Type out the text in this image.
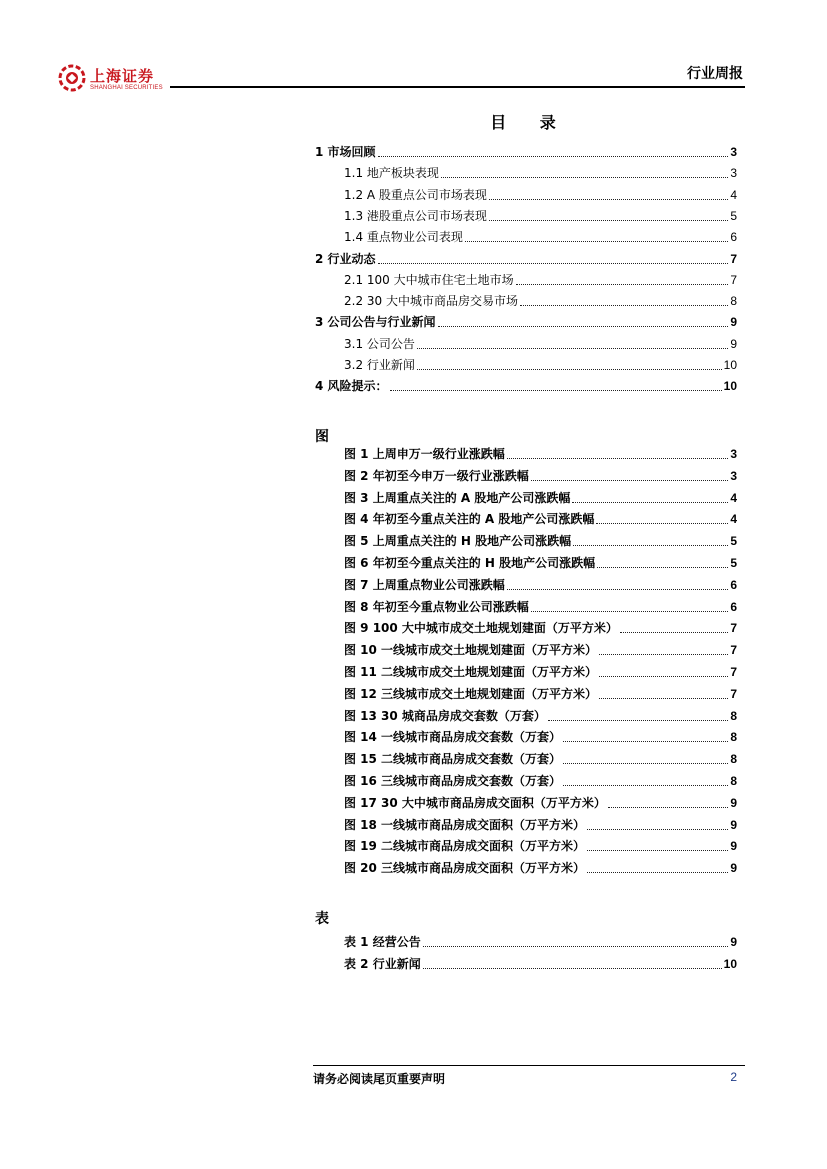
上海证券
SHANGHAI SECURITIES
行业周报
目 录
1 市场回顾	3
1.1 地产板块表现	3
1.2 A 股重点公司市场表现	4
1.3 港股重点公司市场表现	5
1.4 重点物业公司表现	6
2 行业动态	7
2.1 100 大中城市住宅土地市场	7
2.2 30 大中城市商品房交易市场	8
3 公司公告与行业新闻	9
3.1 公司公告	9
3.2 行业新闻	10
4 风险提示：	10
图 1 上周申万一级行业涨跌幅	3
图 2 年初至今申万一级行业涨跌幅	3
图 3 上周重点关注的 A 股地产公司涨跌幅	4
图 4 年初至今重点关注的 A 股地产公司涨跌幅	4
图 5 上周重点关注的 H 股地产公司涨跌幅	5
图 6 年初至今重点关注的 H 股地产公司涨跌幅	5
图 7 上周重点物业公司涨跌幅	6
图 8 年初至今重点物业公司涨跌幅	6
图 9 100 大中城市成交土地规划建面（万平方米）	7
图 10 一线城市成交土地规划建面（万平方米）	7
图 11 二线城市成交土地规划建面（万平方米）	7
图 12 三线城市成交土地规划建面（万平方米）	7
图 13 30 城商品房成交套数（万套）	8
图 14 一线城市商品房成交套数（万套）	8
图 15 二线城市商品房成交套数（万套）	8
图 16 三线城市商品房成交套数（万套）	8
图 17 30 大中城市商品房成交面积（万平方米）	9
图 18 一线城市商品房成交面积（万平方米）	9
图 19 二线城市商品房成交面积（万平方米）	9
图 20 三线城市商品房成交面积（万平方米）	9
表 1 经营公告	9
表 2 行业新闻	10
图
表
请务必阅读尾页重要声明	2
